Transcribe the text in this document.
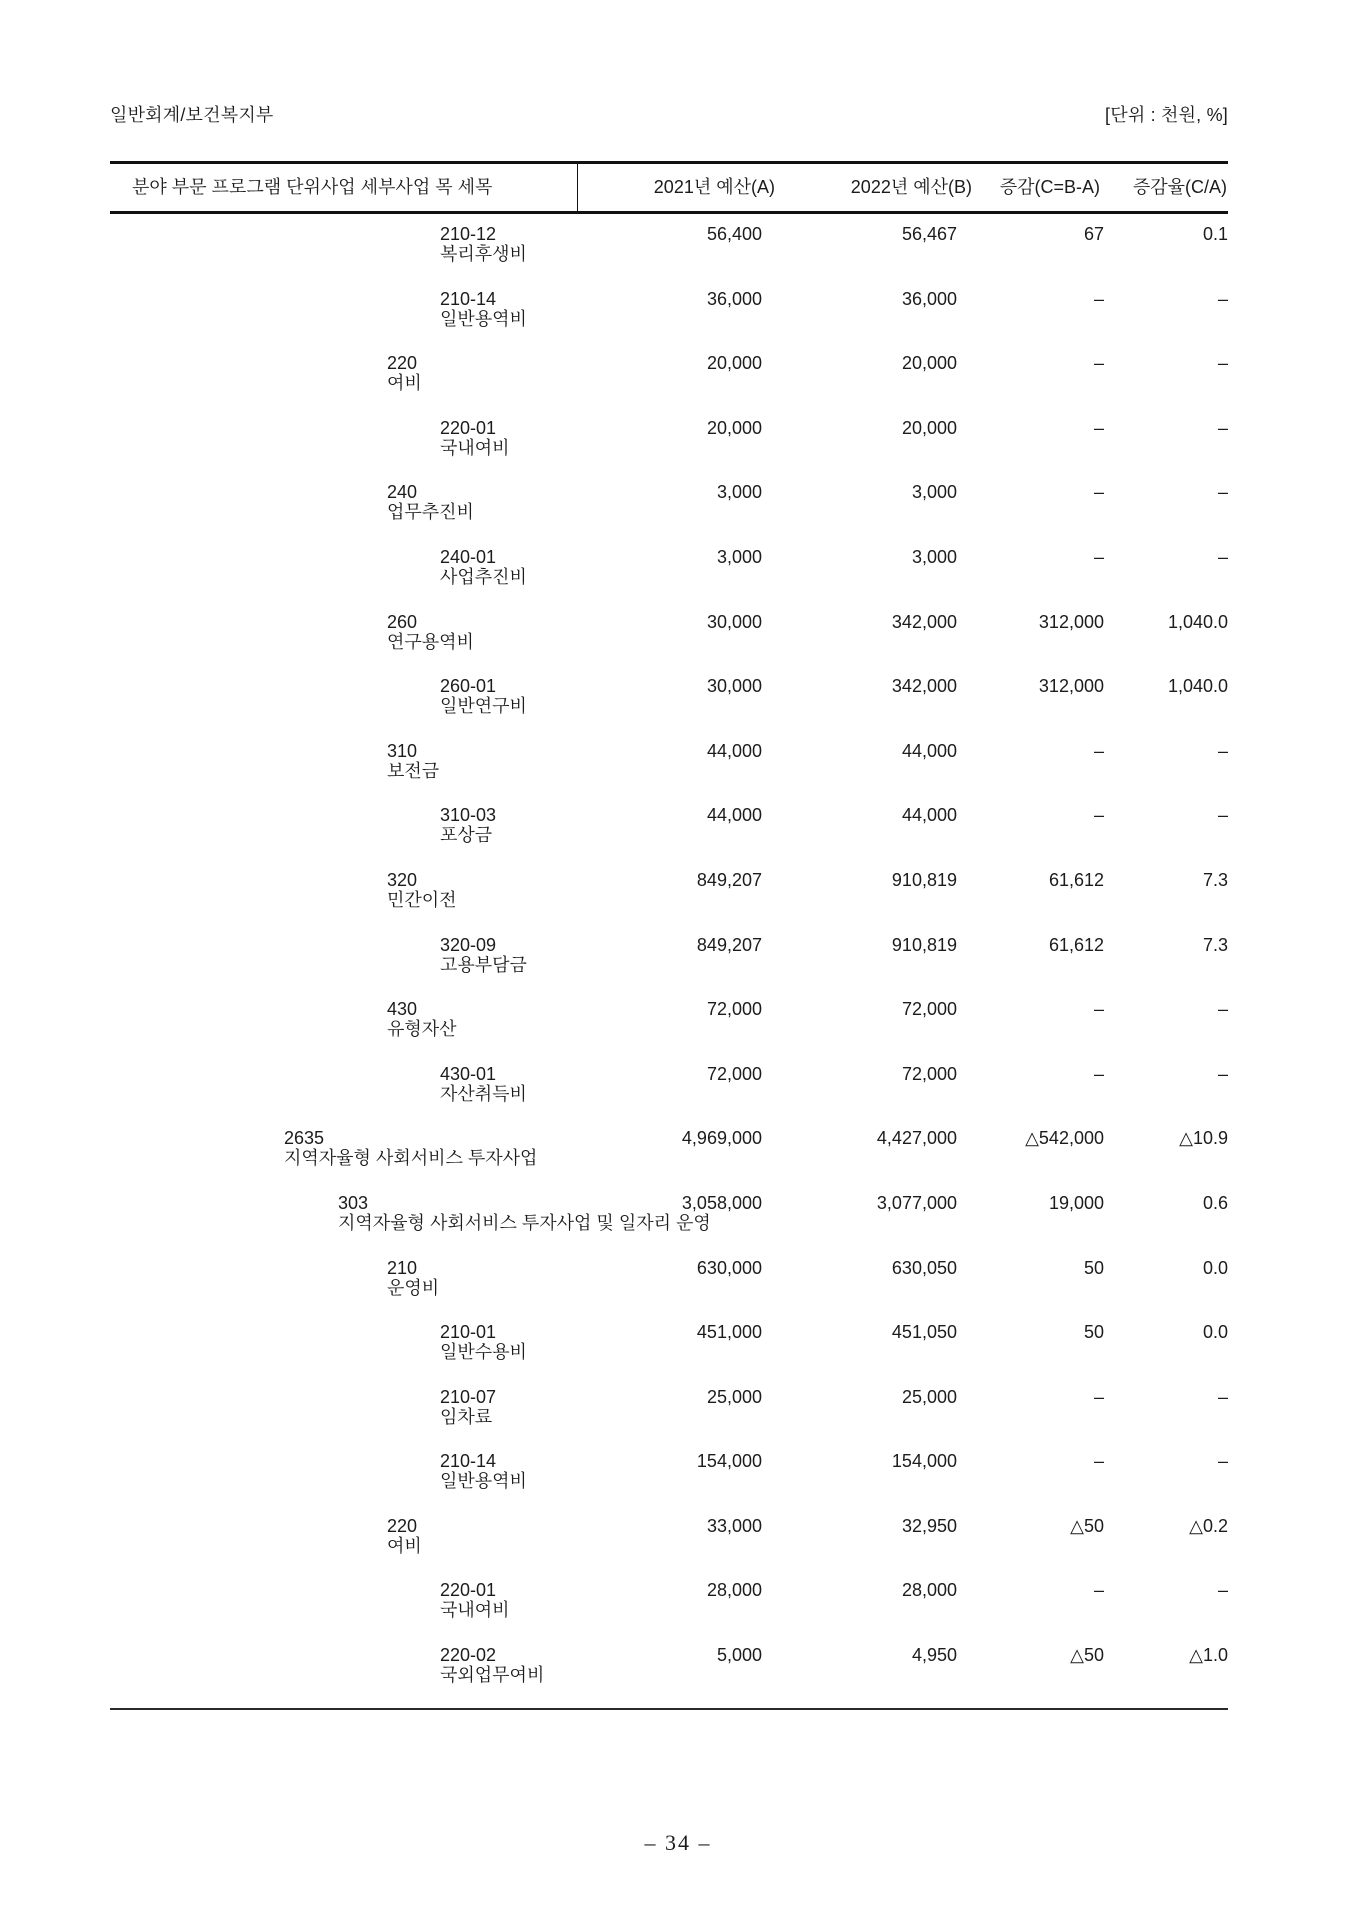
일반회계/보건복지부	[단위 : 천원, %]
분야 부문 프로그램 단위사업 세부사업 목 세목	2021년 예산(A)	2022년 예산(B) 증감(C=B-A) 증감율(C/A)
210-12
복리후생비
56,400	56,467	67	0.1
210-14
일반용역비
36,000	36,000	–	–
220
여비
20,000	20,000	–	–
220-01
국내여비
20,000	20,000	–	–
240
업무추진비
3,000	3,000	–	–
240-01
사업추진비
3,000	3,000	–	–
260
연구용역비
30,000	342,000	312,000	1,040.0
260-01
일반연구비
30,000	342,000	312,000	1,040.0
310
보전금
44,000	44,000	–	–
310-03
포상금
44,000	44,000	–	–
320
민간이전
849,207	910,819	61,612	7.3
320-09
고용부담금
849,207	910,819	61,612	7.3
430
유형자산
72,000	72,000	–	–
430-01
자산취득비
72,000	72,000	–	–
2635
지역자율형 사회서비스 투자사업
4,969,000	4,427,000	△542,000	△10.9
303
지역자율형 사회서비스 투자사업 및 일자리 운영
3,058,000	3,077,000	19,000	0.6
210
운영비
630,000	630,050	50	0.0
210-01
일반수용비
451,000	451,050	50	0.0
210-07
임차료
25,000	25,000	–	–
210-14
일반용역비
154,000	154,000	–	–
220
여비
33,000	32,950	△50	△0.2
220-01
국내여비
28,000	28,000	–	–
220-02
국외업무여비
5,000	4,950	△50	△1.0
– 34 –
